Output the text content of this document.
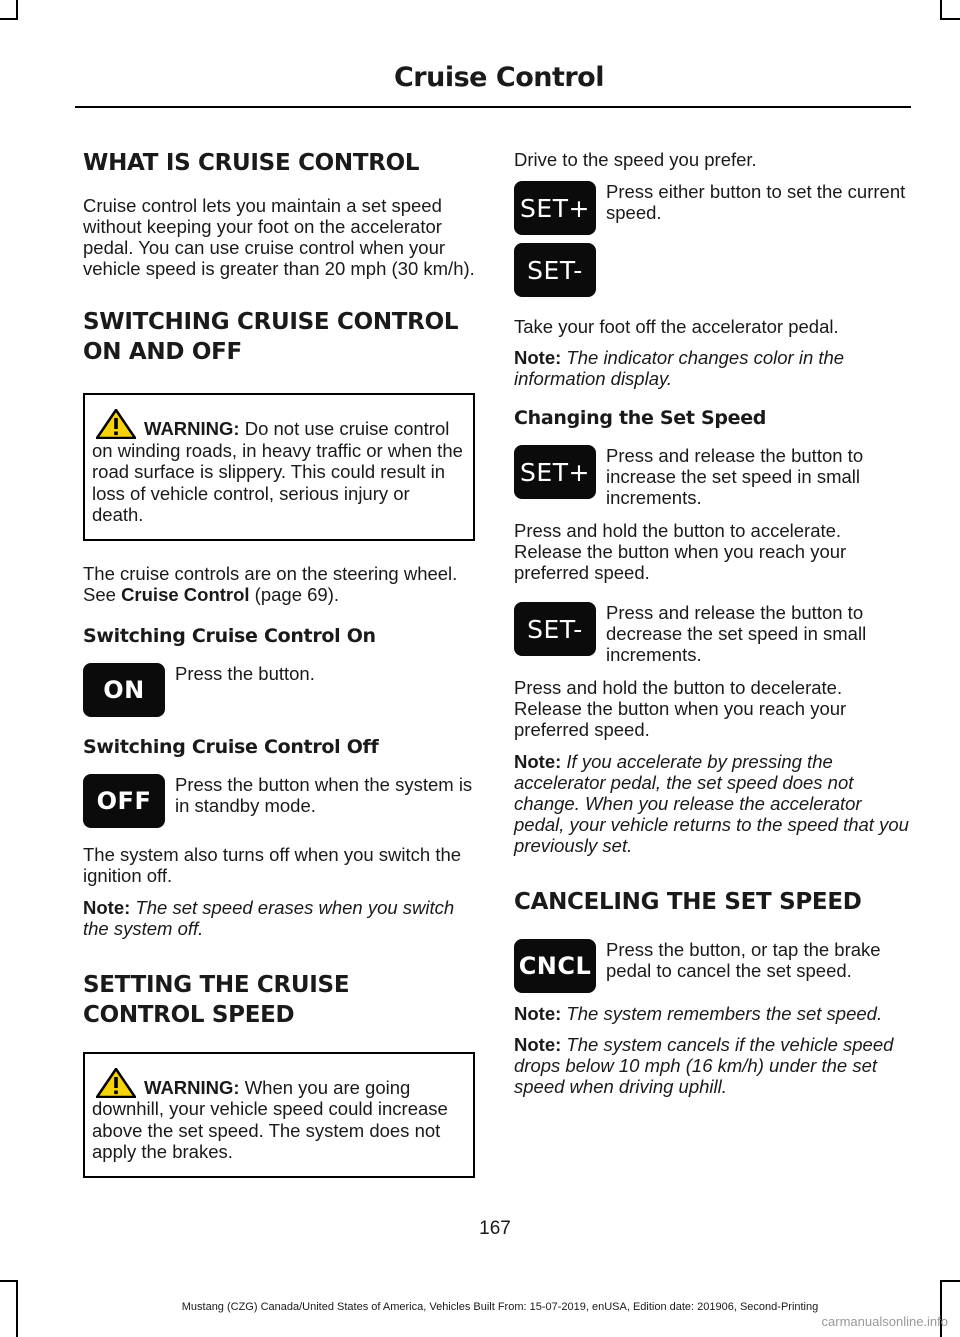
Cruise Control
WHAT IS CRUISE CONTROL

Cruise control lets you maintain a set speed without keeping your foot on the accelerator pedal. You can use cruise control when your vehicle speed is greater than 20 mph (30 km/h).

SWITCHING CRUISE CONTROL
ON AND OFF
WARNING: Do not use cruise control on winding roads, in heavy traffic or when the road surface is slippery. This could result in loss of vehicle control, serious injury or death.

The cruise controls are on the steering wheel. See Cruise Control (page 69).

Switching Cruise Control On
ON

Press the button.

Switching Cruise Control Off
OFF

Press the button when the system is in standby mode.

The system also turns off when you switch the ignition off.

Note: The set speed erases when you switch the system off.

SETTING THE CRUISE
CONTROL SPEED
WARNING: When you are going downhill, your vehicle speed could increase above the set speed. The system does not apply the brakes.

Drive to the speed you prefer.

SET+
SET-

Press either button to set the current speed.

Take your foot off the accelerator pedal.

Note: The indicator changes color in the information display.

Changing the Set Speed
SET+

Press and release the button to increase the set speed in small increments.

Press and hold the button to accelerate. Release the button when you reach your preferred speed.

SET-

Press and release the button to decrease the set speed in small increments.

Press and hold the button to decelerate. Release the button when you reach your preferred speed.

Note: If you accelerate by pressing the accelerator pedal, the set speed does not change. When you release the accelerator pedal, your vehicle returns to the speed that you previously set.

CANCELING THE SET SPEED
CNCL

Press the button, or tap the brake pedal to cancel the set speed.

Note: The system remembers the set speed.

Note: The system cancels if the vehicle speed drops below 10 mph (16 km/h) under the set speed when driving uphill.

167
Mustang (CZG) Canada/United States of America, Vehicles Built From: 15-07-2019, enUSA, Edition date: 201906, Second-Printing
carmanualsonline.info
